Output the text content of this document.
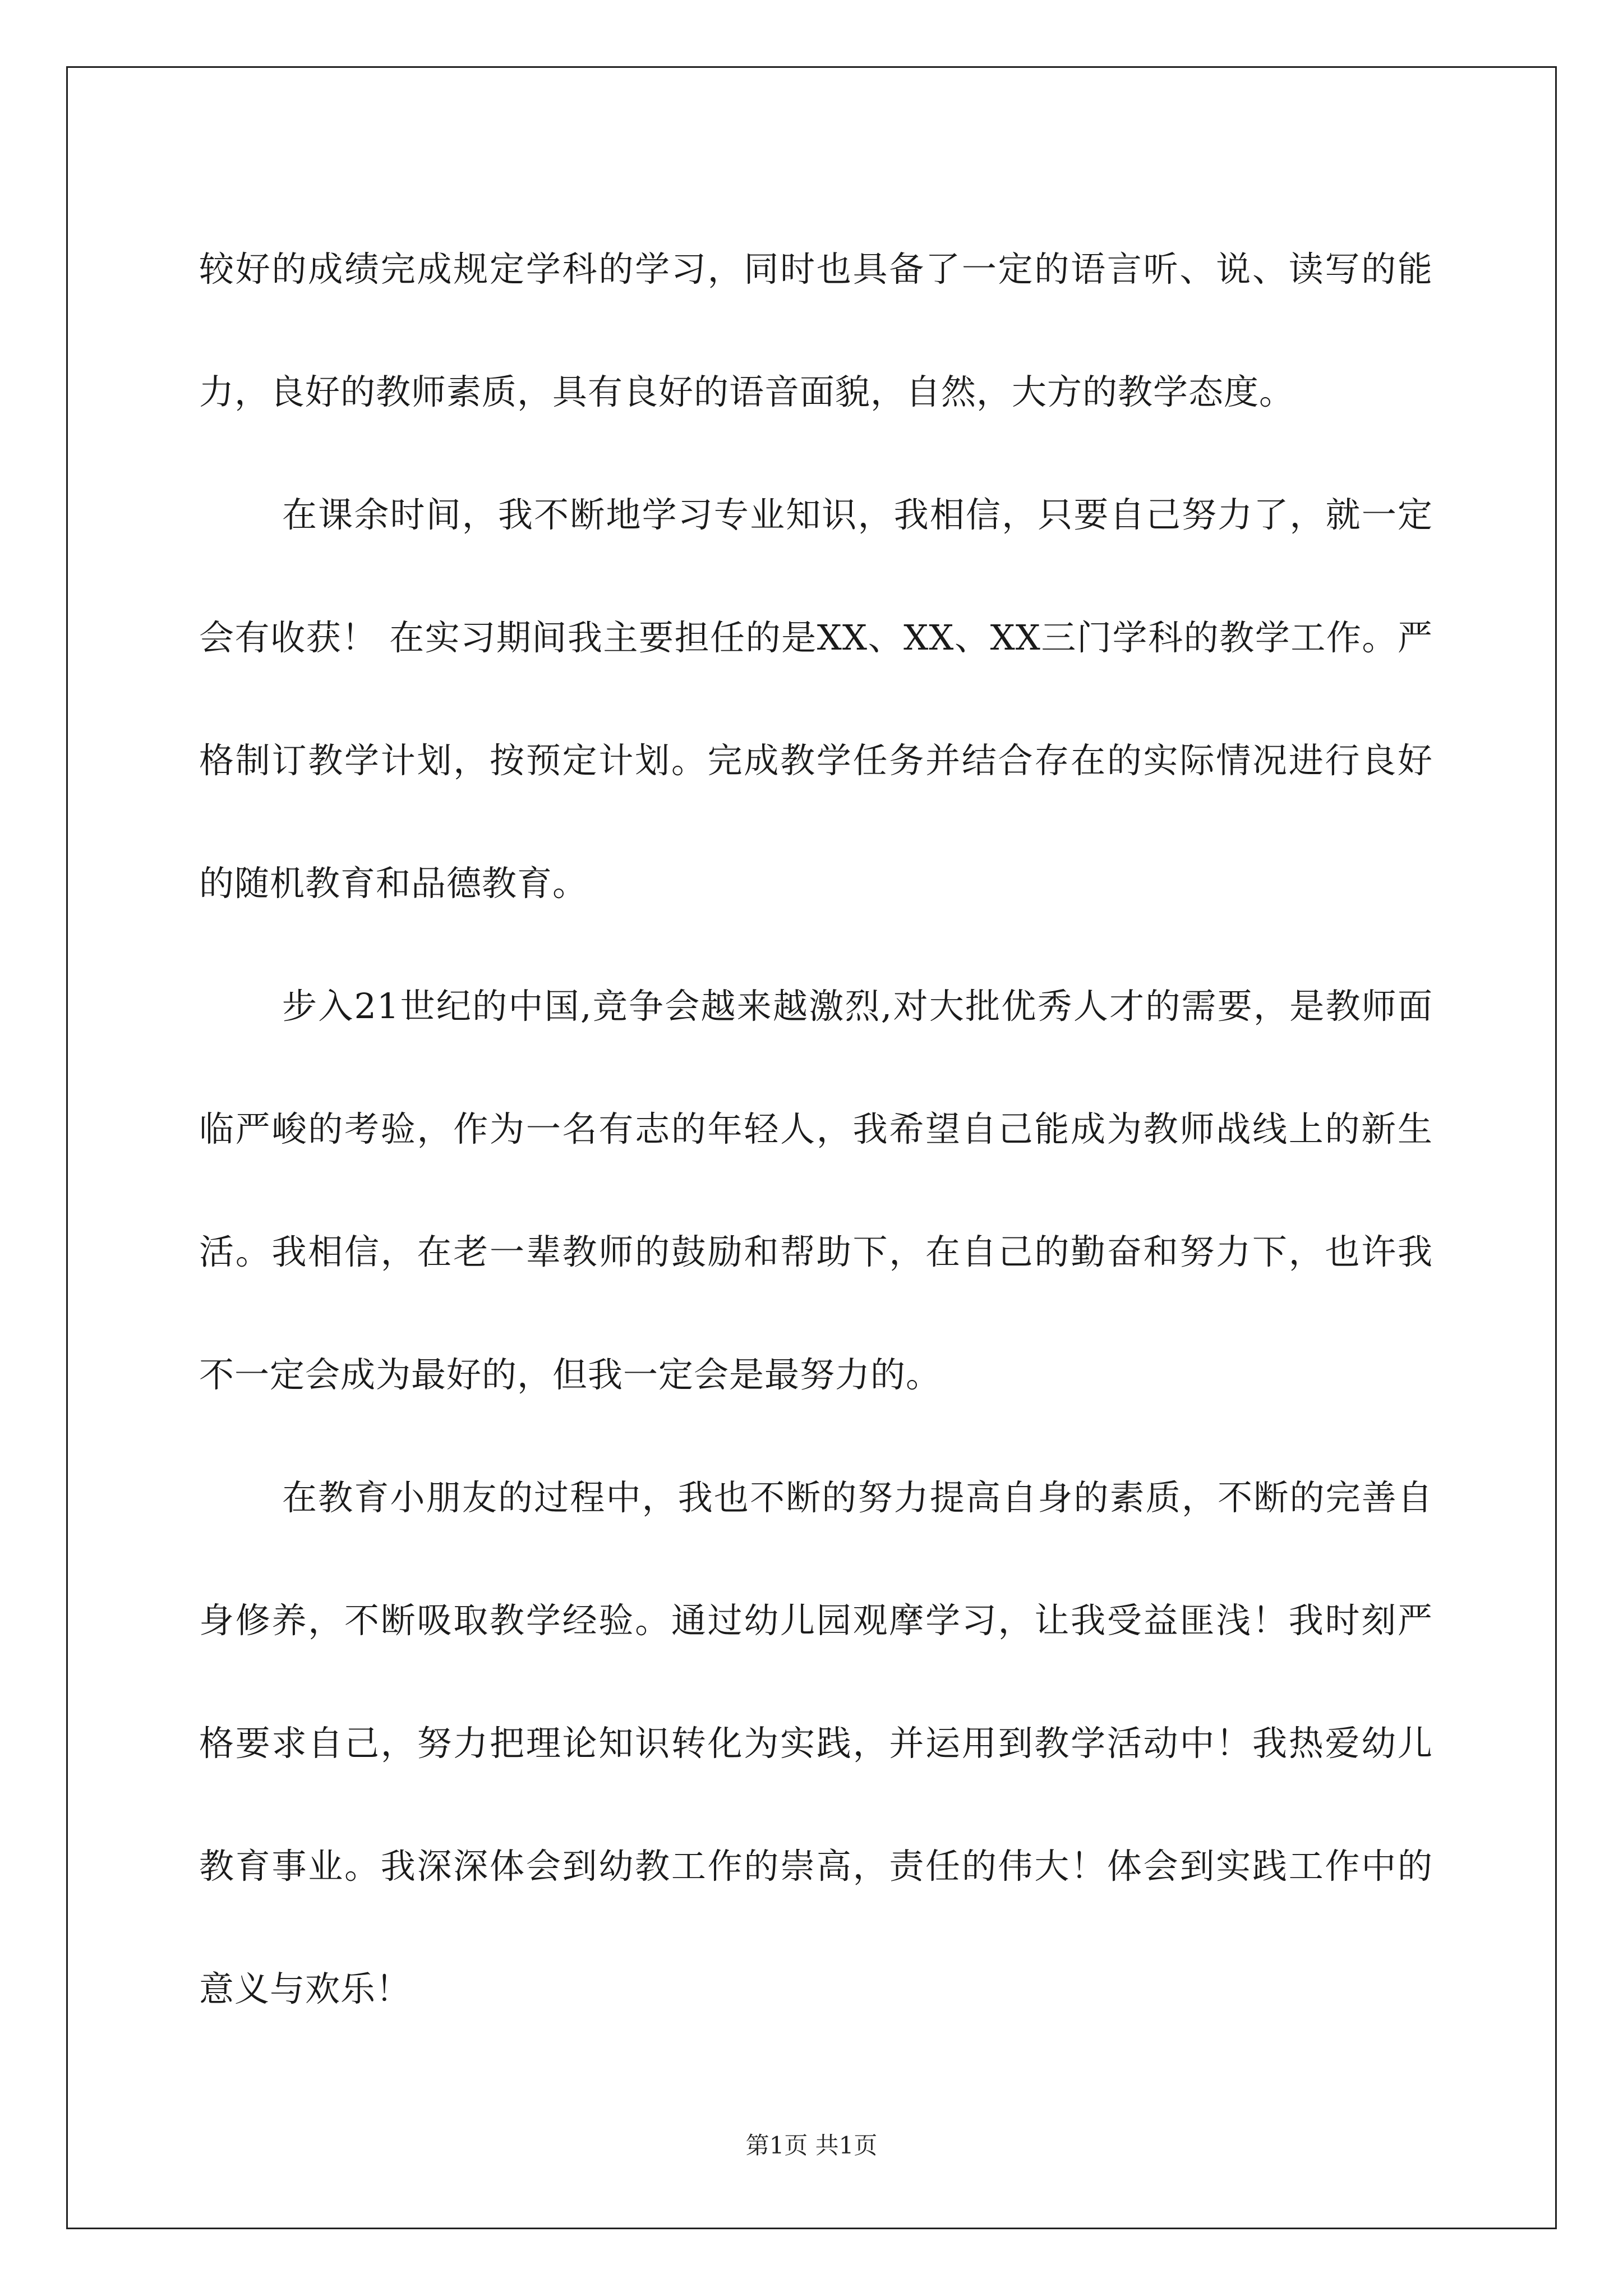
较好的成绩完成规定学科的学习，同时也具备了一定的语言听、说、读写的能力，良好的教师素质，具有良好的语音面貌，自然，大方的教学态度。

在课余时间，我不断地学习专业知识，我相信，只要自己努力了，就一定会有收获！ 在实习期间我主要担任的是XX、XX、XX三门学科的教学工作。严格制订教学计划，按预定计划。完成教学任务并结合存在的实际情况进行良好的随机教育和品德教育。

步入21世纪的中国,竞争会越来越激烈,对大批优秀人才的需要，是教师面临严峻的考验，作为一名有志的年轻人，我希望自己能成为教师战线上的新生活。我相信，在老一辈教师的鼓励和帮助下，在自己的勤奋和努力下，也许我不一定会成为最好的，但我一定会是最努力的。

在教育小朋友的过程中，我也不断的努力提高自身的素质，不断的完善自身修养，不断吸取教学经验。通过幼儿园观摩学习，让我受益匪浅！我时刻严格要求自己，努力把理论知识转化为实践，并运用到教学活动中！我热爱幼儿教育事业。我深深体会到幼教工作的崇高，责任的伟大！体会到实践工作中的意义与欢乐！

第1页 共1页
